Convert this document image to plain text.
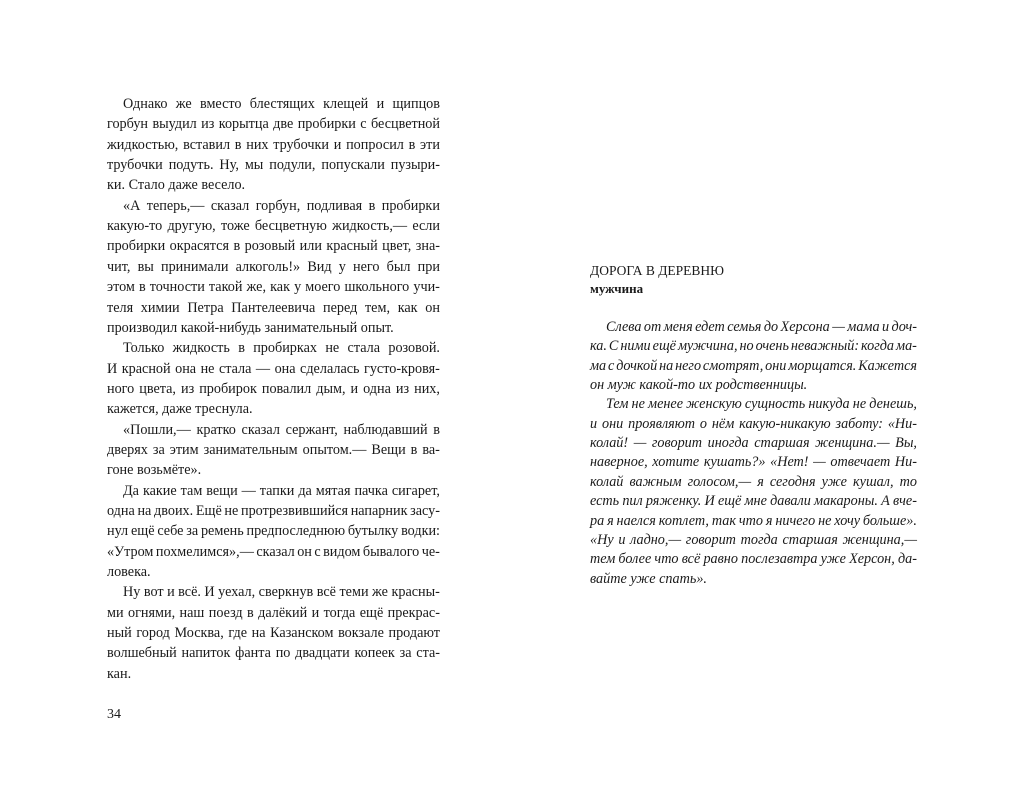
Однако же вместо блестящих клещей и щипцов
горбун выудил из корытца две пробирки с бесцветной
жидкостью, вставил в них трубочки и попросил в эти
трубочки подуть. Ну, мы подули, попускали пузыри-
ки. Стало даже весело.
«А теперь,— сказал горбун, подливая в пробирки
какую-то другую, тоже бесцветную жидкость,— если
пробирки окрасятся в розовый или красный цвет, зна-
чит, вы принимали алкоголь!» Вид у него был при
этом в точности такой же, как у моего школьного учи-
теля химии Петра Пантелеевича перед тем, как он
производил какой-нибудь занимательный опыт.
Только жидкость в пробирках не стала розовой.
И красной она не стала — она сделалась густо-кровя-
ного цвета, из пробирок повалил дым, и одна из них,
кажется, даже треснула.
«Пошли,— кратко сказал сержант, наблюдавший в
дверях за этим занимательным опытом.— Вещи в ва-
гоне возьмёте».
Да какие там вещи — тапки да мятая пачка сигарет,
одна на двоих. Ещё не протрезвившийся напарник засу-
нул ещё себе за ремень предпоследнюю бутылку водки:
«Утром похмелимся»,— сказал он с видом бывалого че-
ловека.
Ну вот и всё. И уехал, сверкнув всё теми же красны-
ми огнями, наш поезд в далёкий и тогда ещё прекрас-
ный город Москва, где на Казанском вокзале продают
волшебный напиток фанта по двадцати копеек за ста-
кан.
34
Слева от меня едет семья до Херсона — мама и доч-
ка. С ними ещё мужчина, но очень неважный: когда ма-
ма с дочкой на него смотрят, они морщатся. Кажется
он муж какой-то их родственницы.
Тем не менее женскую сущность никуда не денешь,
и они проявляют о нём какую-никакую заботу: «Ни-
колай! — говорит иногда старшая женщина.— Вы,
наверное, хотите кушать?» «Нет! — отвечает Ни-
колай важным голосом,— я сегодня уже кушал, то
есть пил ряженку. И ещё мне давали макароны. А вче-
ра я наелся котлет, так что я ничего не хочу больше».
«Ну и ладно,— говорит тогда старшая женщина,—
тем более что всё равно послезавтра уже Херсон, да-
вайте уже спать».
ДОРОГА В ДЕРЕВНЮ
мужчина
